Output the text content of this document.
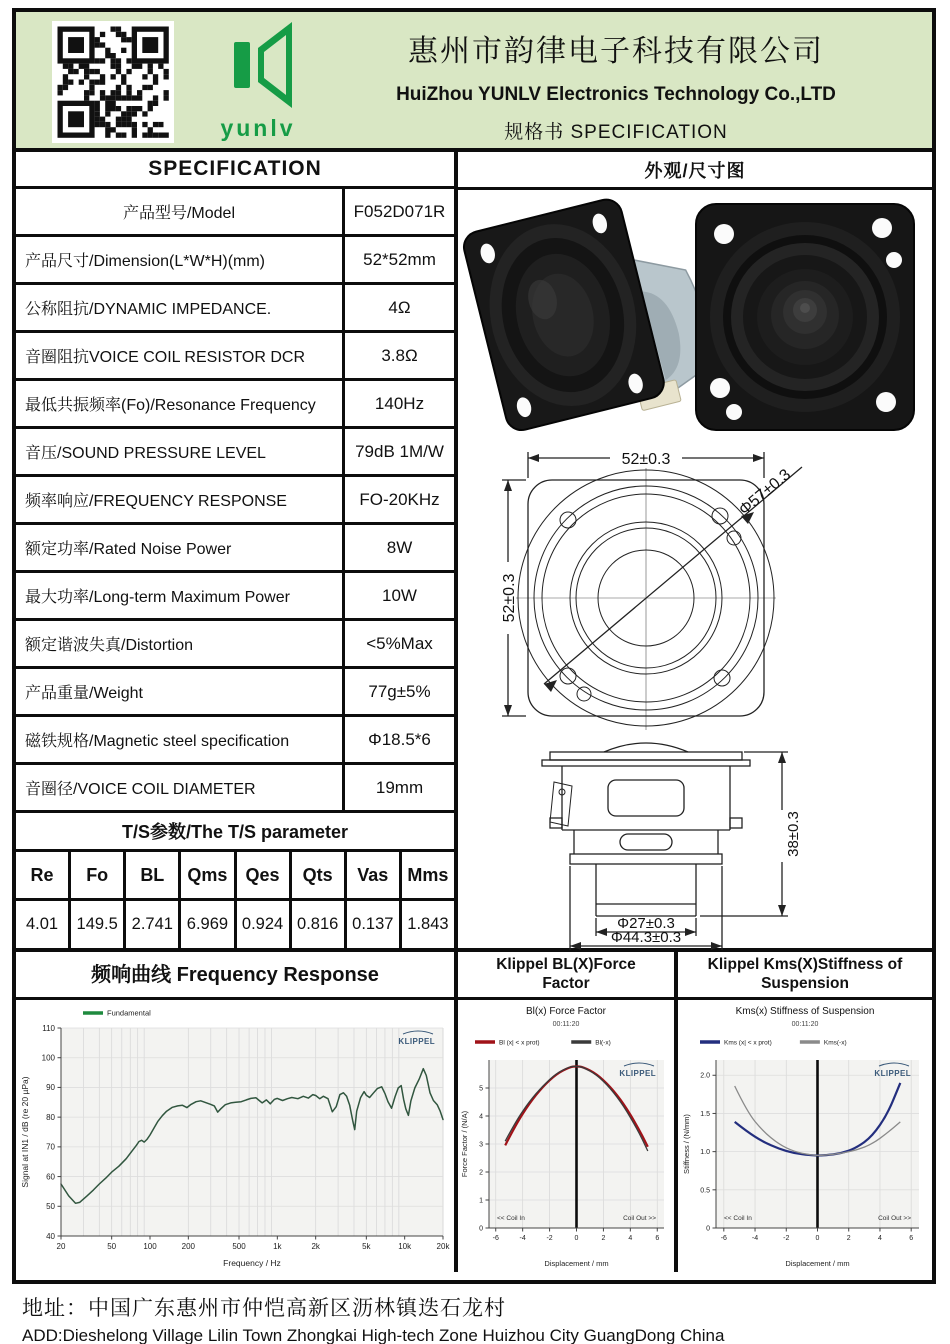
yunlv
惠州市韵律电子科技有限公司
HuiZhou YUNLV Electronics Technology Co.,LTD
规格书 SPECIFICATION
SPECIFICATION
产品型号/Model	F052D071R
产品尺寸/Dimension(L*W*H)(mm)	52*52mm
公称阻抗/DYNAMIC IMPEDANCE.	4Ω
音圈阻抗VOICE COIL RESISTOR DCR	3.8Ω
最低共振频率(Fo)/Resonance Frequency	140Hz
音压/SOUND PRESSURE LEVEL	79dB 1M/W
频率响应/FREQUENCY RESPONSE	FO-20KHz
额定功率/Rated Noise Power	8W
最大功率/Long-term Maximum Power	10W
额定谐波失真/Distortion	<5%Max
产品重量/Weight	77g±5%
磁铁规格/Magnetic steel specification	Φ18.5*6
音圈径/VOICE COIL DIAMETER	19mm
T/S参数/The T/S parameter
Re	Fo	BL	Qms	Qes	Qts	Vas	Mms
4.01	149.5 2.741 6.969 0.924 0.816 0.137 1.843
外观/尺寸图
52±0.3
52±0.3
Φ57±0.3
38±0.3
Φ27±0.3
Φ44.3±0.3
频响曲线 Frequency Response
20	50	100	200	500	1k	2k	5k	10k	20k
40
50
60
70
80
90
100
110
Frequency / Hz
Signal at IN1 / dB (re 20 µPa)
Fundamental
KLIPPEL
Klippel BL(X)Force Factor
-6	-4	-2	0	2	4	6
0
1
2
3
4
5
Displacement / mm
Force Factor / (N/A)
Bl(x) Force Factor
00:11:20
Bl (x| < x prot)	Bl(-x)
KLIPPEL
<< Coil In	Coil Out >>
Klippel Kms(X)Stiffness of Suspension
-6	-4	-2	0	2	4	6
0
0.5
1.0
1.5
2.0
Displacement / mm
Stiffness / (N/mm)
Kms(x) Stiffness of Suspension
00:11:20
Kms (x| < x prot)	Kms(-x)
KLIPPEL
<< Coil In	Coil Out >>
地址：中国广东惠州市仲恺高新区沥林镇迭石龙村
ADD:Dieshelong Village Lilin Town Zhongkai High-tech Zone Huizhou City GuangDong China
